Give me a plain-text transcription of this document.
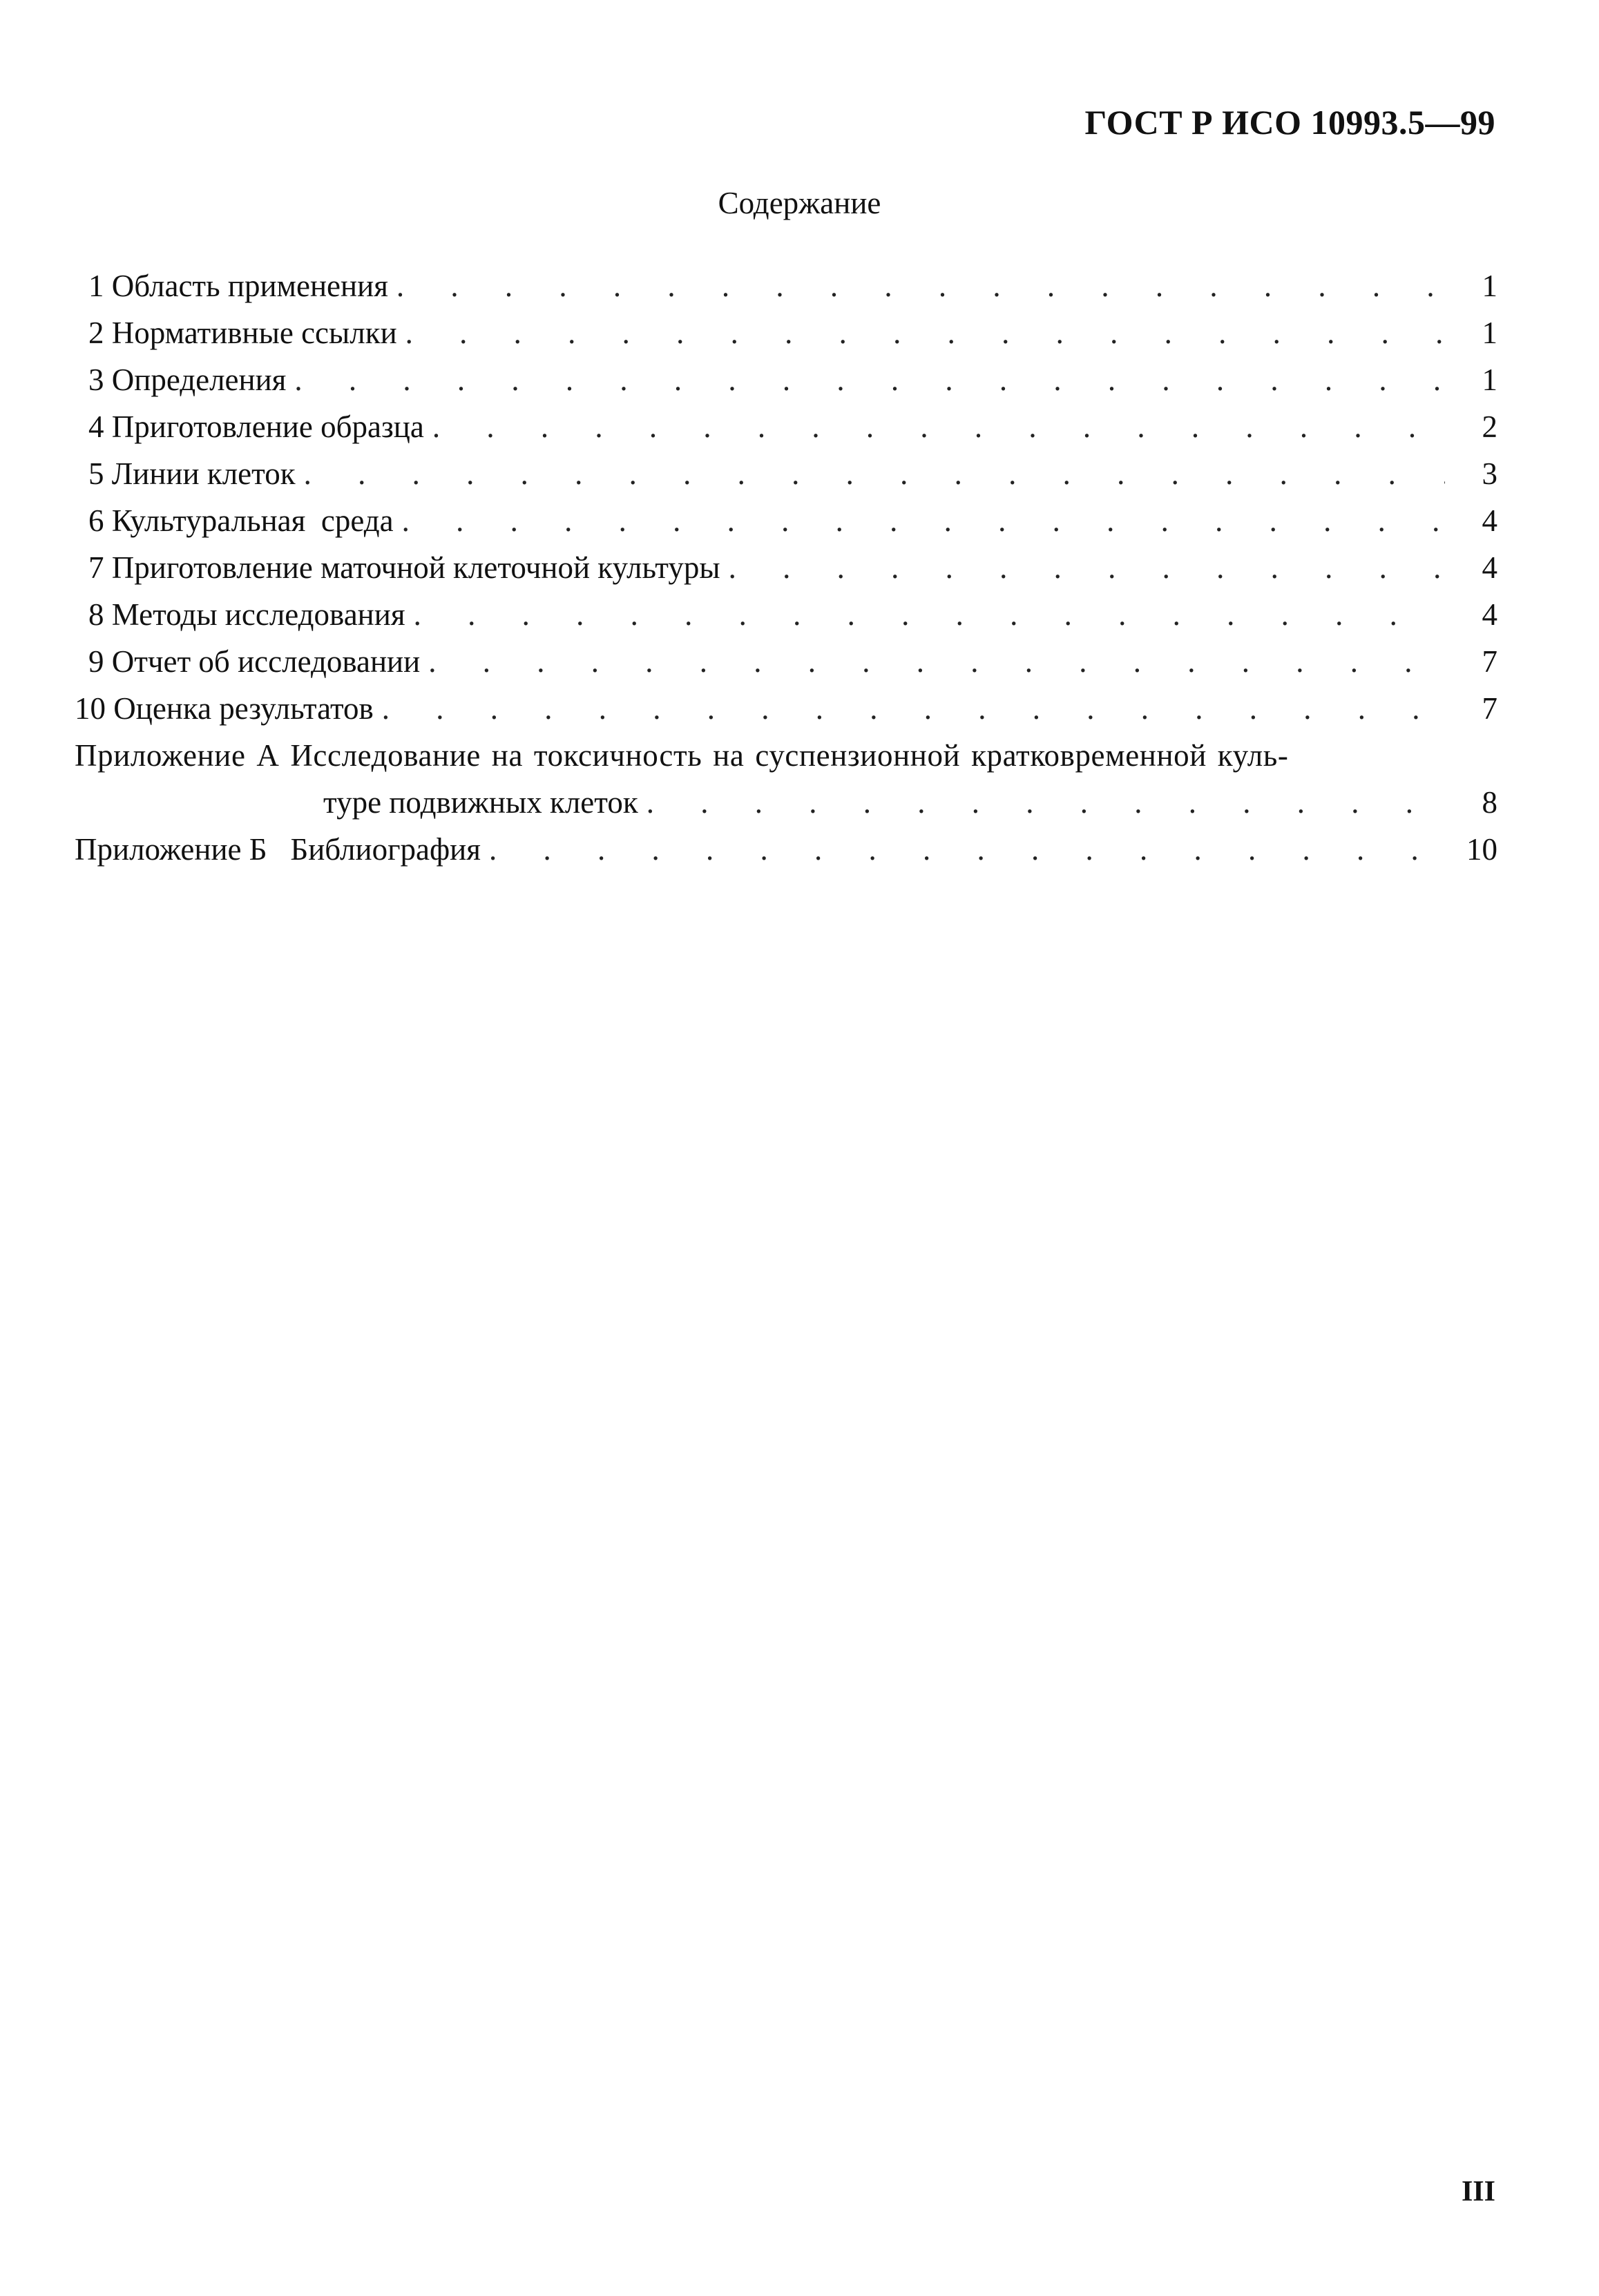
ГОСТ Р ИСО 10993.5—99
Содержание
1 Область применения . . .	1
2 Нормативные ссылки . . .	1
3 Определения . . .	1
4 Приготовление образца . . .	2
5 Линии клеток . . .	3
6 Культуральная  среда . . .	4
7 Приготовление маточной клеточной культуры . . .	4
8 Методы исследования . . .	4
9 Отчет об исследовании . . .	7
10 Оценка результатов . . .	7
Приложение А Исследование на токсичность на суспензионной кратковременной куль-
туре подвижных клеток . . .	8
Приложение Б   Библиография . . .	10
III
